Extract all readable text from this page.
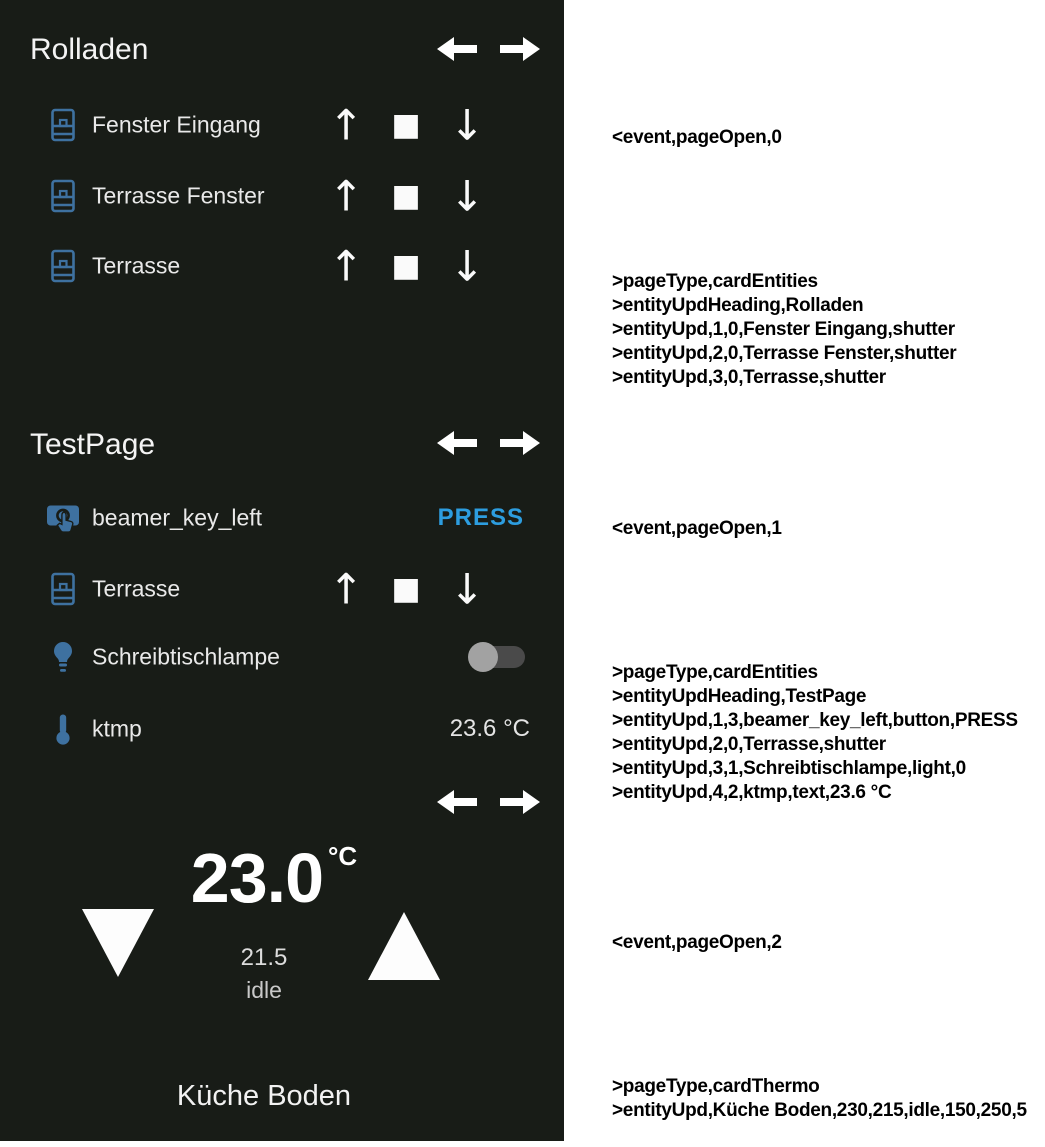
Rolladen
Fenster Eingang ↑ ■ ↓
Terrasse Fenster ↑ ■ ↓
Terrasse	↑ ■ ↓
TestPage
beamer_key_left	PRESS
Terrasse	↑ ■ ↓
Schreibtischlampe
ktmp	23.6 °C
23.0 °C
21.5
idle
Küche Boden

<event,pageOpen,0

>pageType,cardEntities
>entityUpdHeading,Rolladen
>entityUpd,1,0,Fenster Eingang,shutter
>entityUpd,2,0,Terrasse Fenster,shutter
>entityUpd,3,0,Terrasse,shutter

<event,pageOpen,1

>pageType,cardEntities
>entityUpdHeading,TestPage
>entityUpd,1,3,beamer_key_left,button,PRESS
>entityUpd,2,0,Terrasse,shutter
>entityUpd,3,1,Schreibtischlampe,light,0
>entityUpd,4,2,ktmp,text,23.6 °C

<event,pageOpen,2

>pageType,cardThermo
>entityUpd,Küche Boden,230,215,idle,150,250,5
